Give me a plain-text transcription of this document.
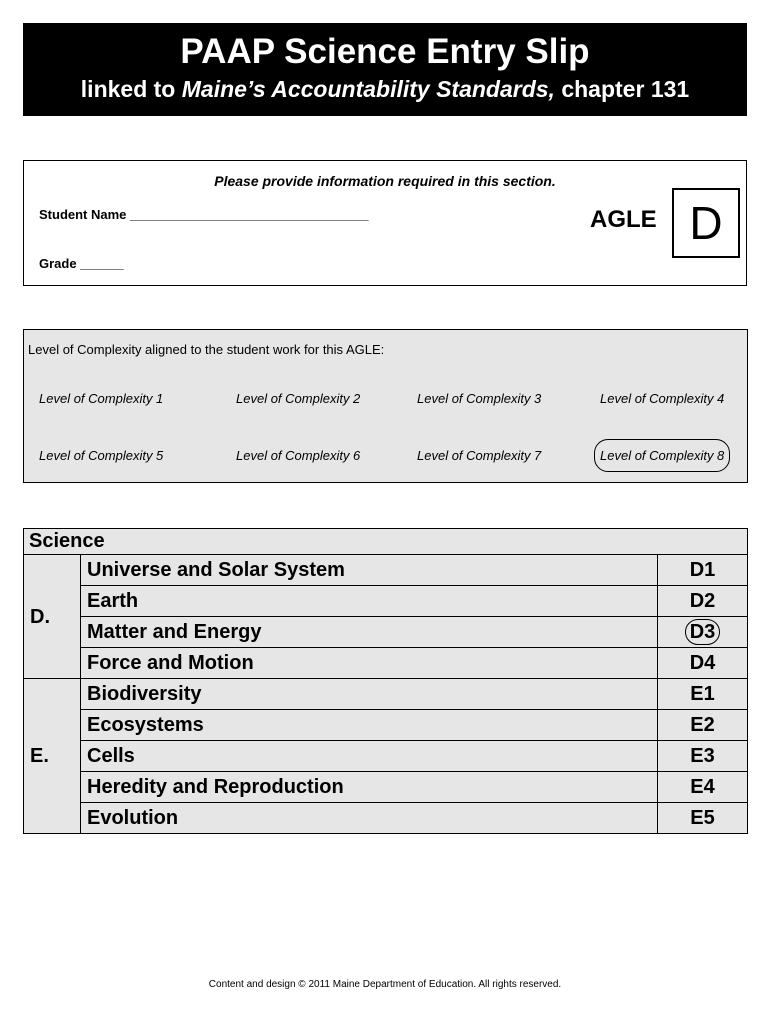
PAAP Science Entry Slip
linked to Maine’s Accountability Standards, chapter 131
Please provide information required in this section.
Student Name _________________________________
Grade ______
AGLE D
Level of Complexity aligned to the student work for this AGLE:
Level of Complexity 1	Level of Complexity 2	Level of Complexity 3	Level of Complexity 4
Level of Complexity 5	Level of Complexity 6	Level of Complexity 7	Level of Complexity 8
Science		
D.	Universe and Solar System	D1
	Earth	D2
	Matter and Energy	D3
	Force and Motion	D4
E.	Biodiversity	E1
	Ecosystems	E2
	Cells	E3
	Heredity and Reproduction	E4
	Evolution	E5
Content and design © 2011 Maine Department of Education. All rights reserved.
